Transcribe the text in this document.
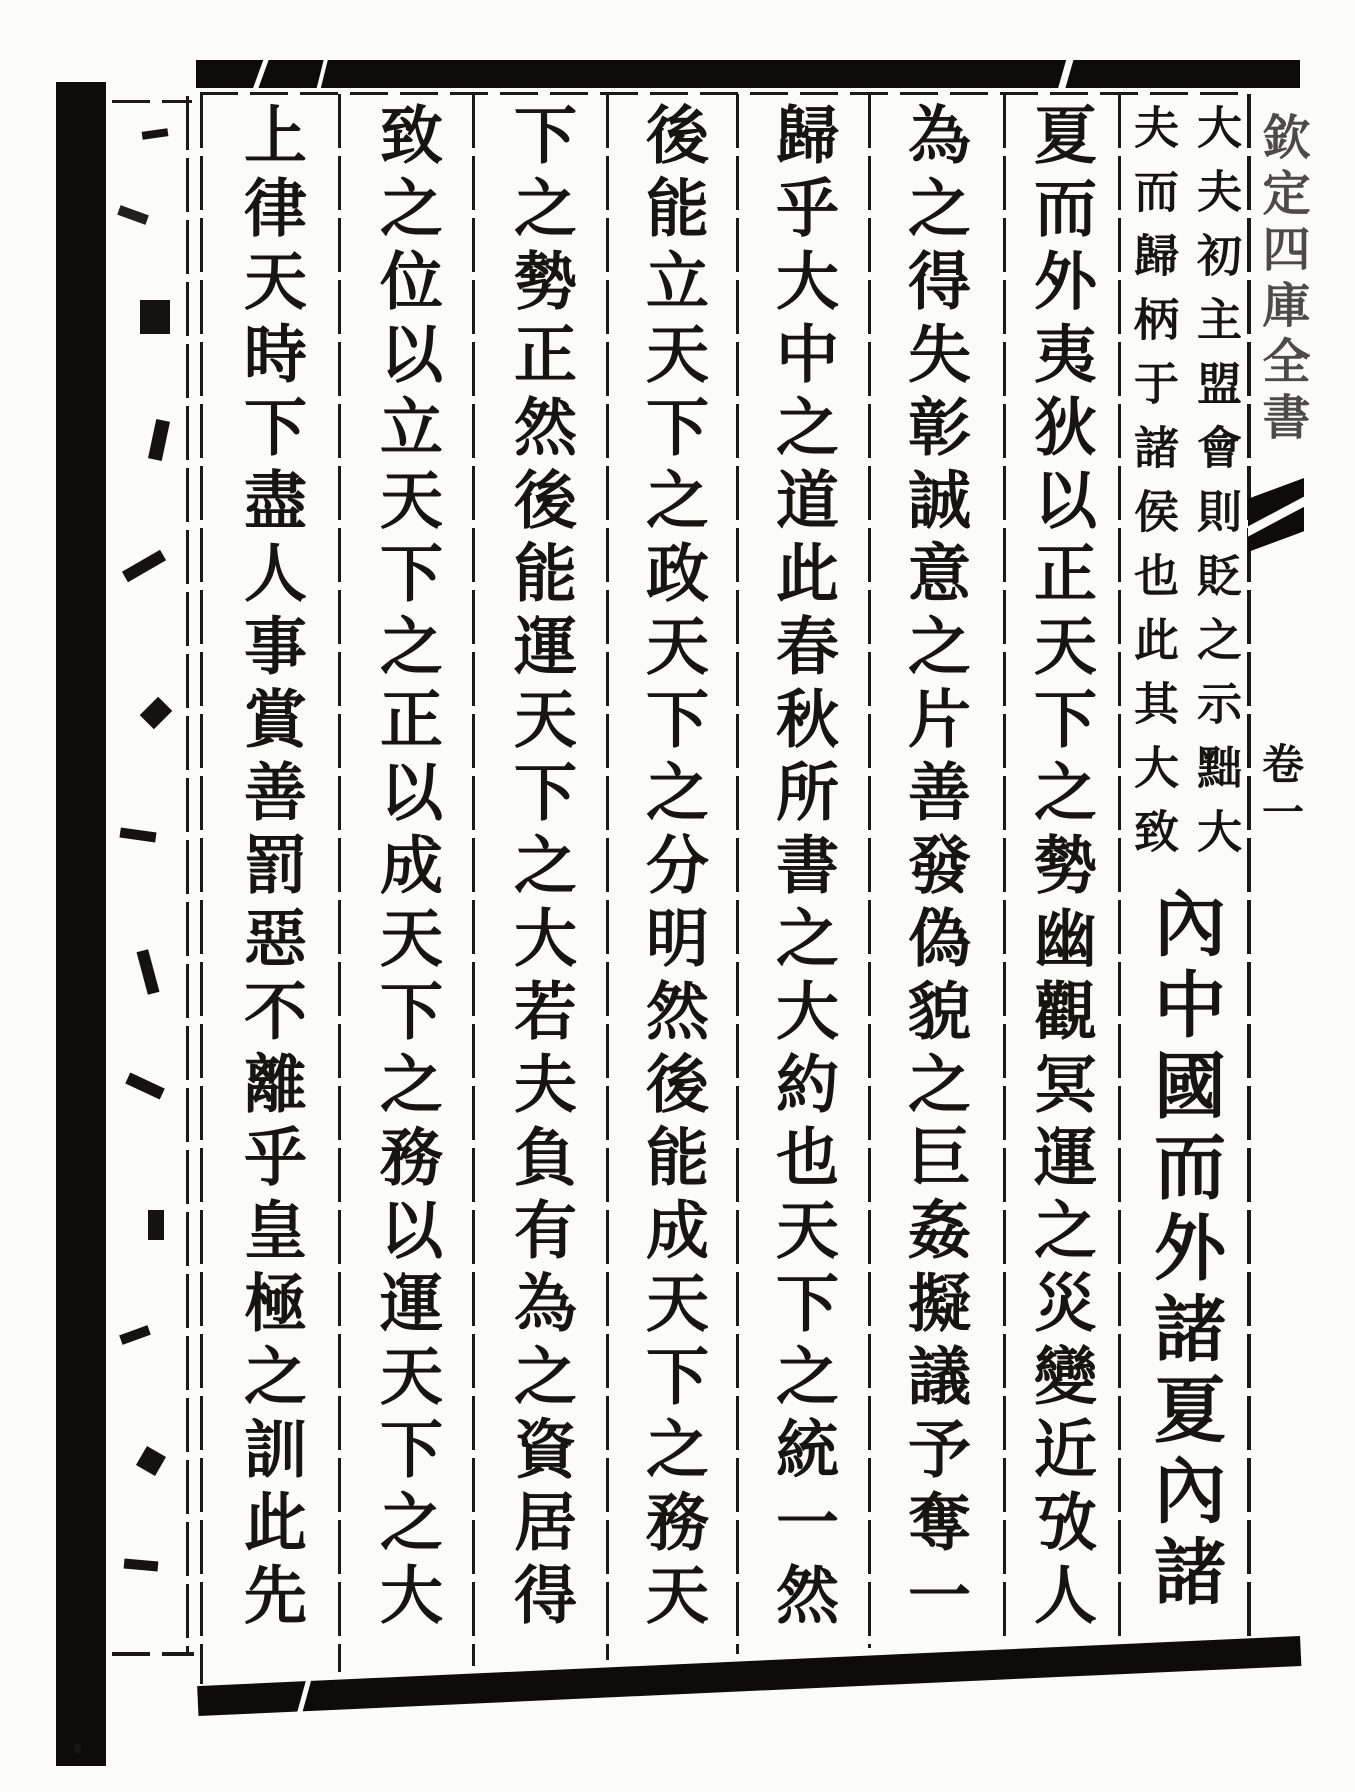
欽定四庫全書
卷一
大夫初主盟會則貶之示黜大
夫而歸柄于諸侯也此其大致
內中國而外諸夏內諸
夏而外夷狄以正天下之勢幽觀冥運之災變近攷人
為之得失彰誠意之片善發偽貌之巨姦擬議予奪一
歸乎大中之道此春秋所書之大約也天下之統一然
後能立天下之政天下之分明然後能成天下之務天
下之勢正然後能運天下之大若夫負有為之資居得
致之位以立天下之正以成天下之務以運天下之大
上律天時下盡人事賞善罰惡不離乎皇極之訓此先
